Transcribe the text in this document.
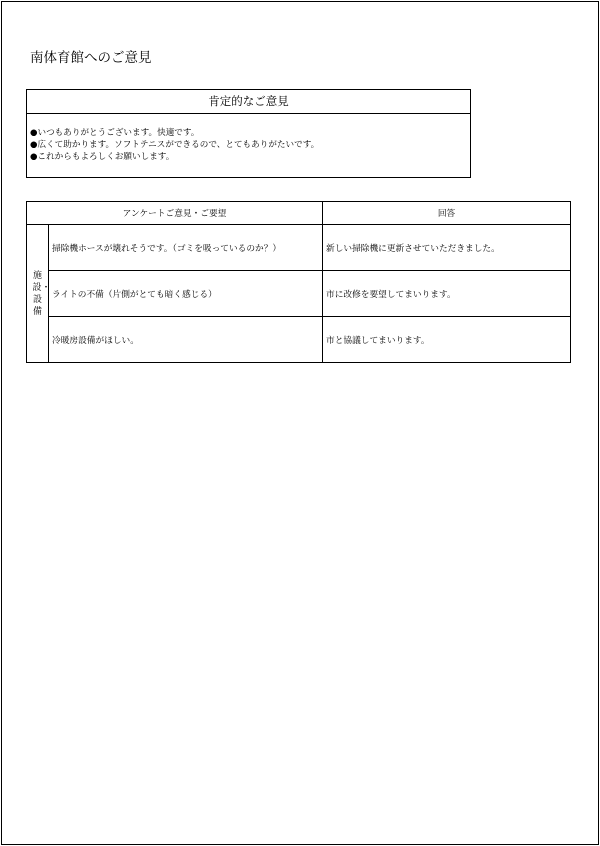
南体育館へのご意見
肯定的なご意見
●いつもありがとうございます。快適です。
●広くて助かります。ソフトテニスができるので、とてもありがたいです。
●これからもよろしくお願いします。
アンケートご意見・ご要望		回答
施設・設備	掃除機ホースが壊れそうです。（ゴミを吸っているのか？）	新しい掃除機に更新させていただきました。
	ライトの不備（片側がとても暗く感じる）	市に改修を要望してまいります。
	冷暖房設備がほしい。	市と協議してまいります。
